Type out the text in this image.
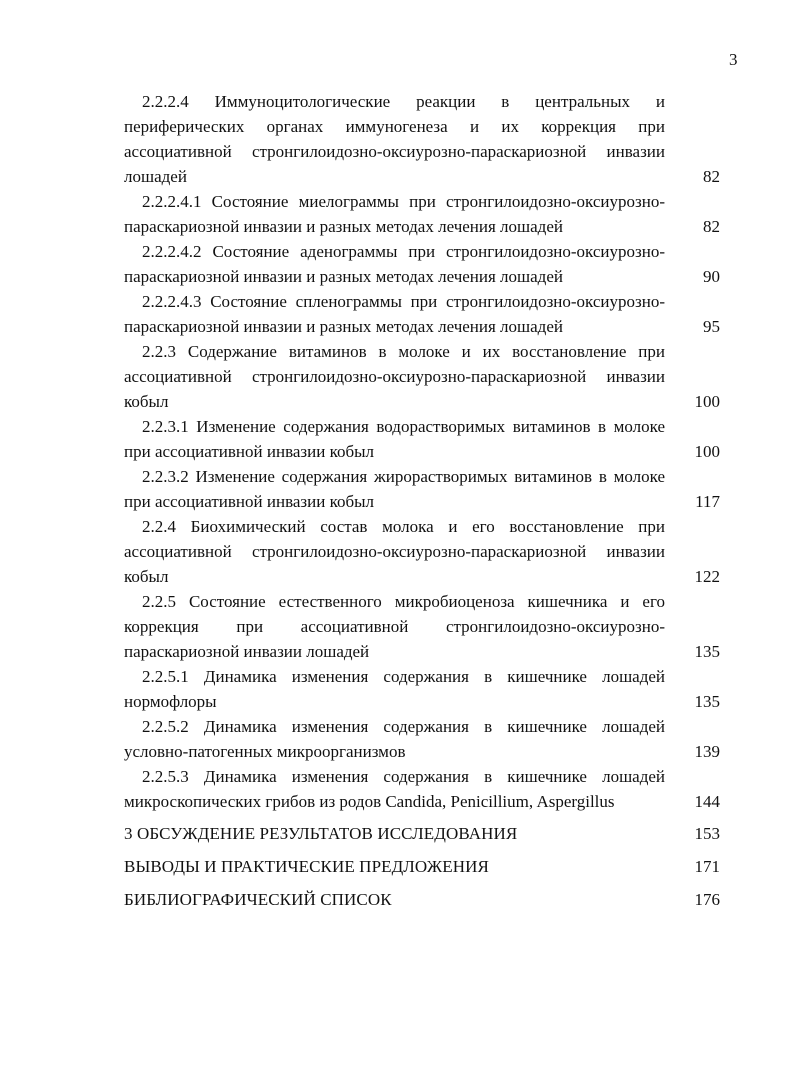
3
2.2.2.4 Иммуноцитологические реакции в центральных и периферических органах иммуногенеза и их коррекция при ассоциативной стронгилоидозно-оксиурозно-параскариозной инвазии лошадей	82
2.2.2.4.1 Состояние миелограммы при стронгилоидозно-оксиурозно-параскариозной инвазии и разных методах лечения лошадей	82
2.2.2.4.2 Состояние аденограммы при стронгилоидозно-оксиурозно-параскариозной инвазии и разных методах лечения лошадей	90
2.2.2.4.3 Состояние спленограммы при стронгилоидозно-оксиурозно-параскариозной инвазии и разных методах лечения лошадей	95
2.2.3 Содержание витаминов в молоке и их восстановление при ассоциативной стронгилоидозно-оксиурозно-параскариозной инвазии кобыл	100
2.2.3.1 Изменение содержания водорастворимых витаминов в молоке при ассоциативной инвазии кобыл	100
2.2.3.2 Изменение содержания жирорастворимых витаминов в молоке при ассоциативной инвазии кобыл	117
2.2.4 Биохимический состав молока и его восстановление при ассоциативной стронгилоидозно-оксиурозно-параскариозной инвазии кобыл	122
2.2.5 Состояние естественного микробиоценоза кишечника и его коррекция при ассоциативной стронгилоидозно-оксиурозно-параскариозной инвазии лошадей	135
2.2.5.1 Динамика изменения содержания в кишечнике лошадей нормофлоры	135
2.2.5.2 Динамика изменения содержания в кишечнике лошадей условно-патогенных микроорганизмов	139
2.2.5.3 Динамика изменения содержания в кишечнике лошадей микроскопических грибов из родов Candida, Penicillium, Aspergillus	144
3 ОБСУЖДЕНИЕ РЕЗУЛЬТАТОВ ИССЛЕДОВАНИЯ	153
ВЫВОДЫ И ПРАКТИЧЕСКИЕ ПРЕДЛОЖЕНИЯ	171
БИБЛИОГРАФИЧЕСКИЙ СПИСОК	176
